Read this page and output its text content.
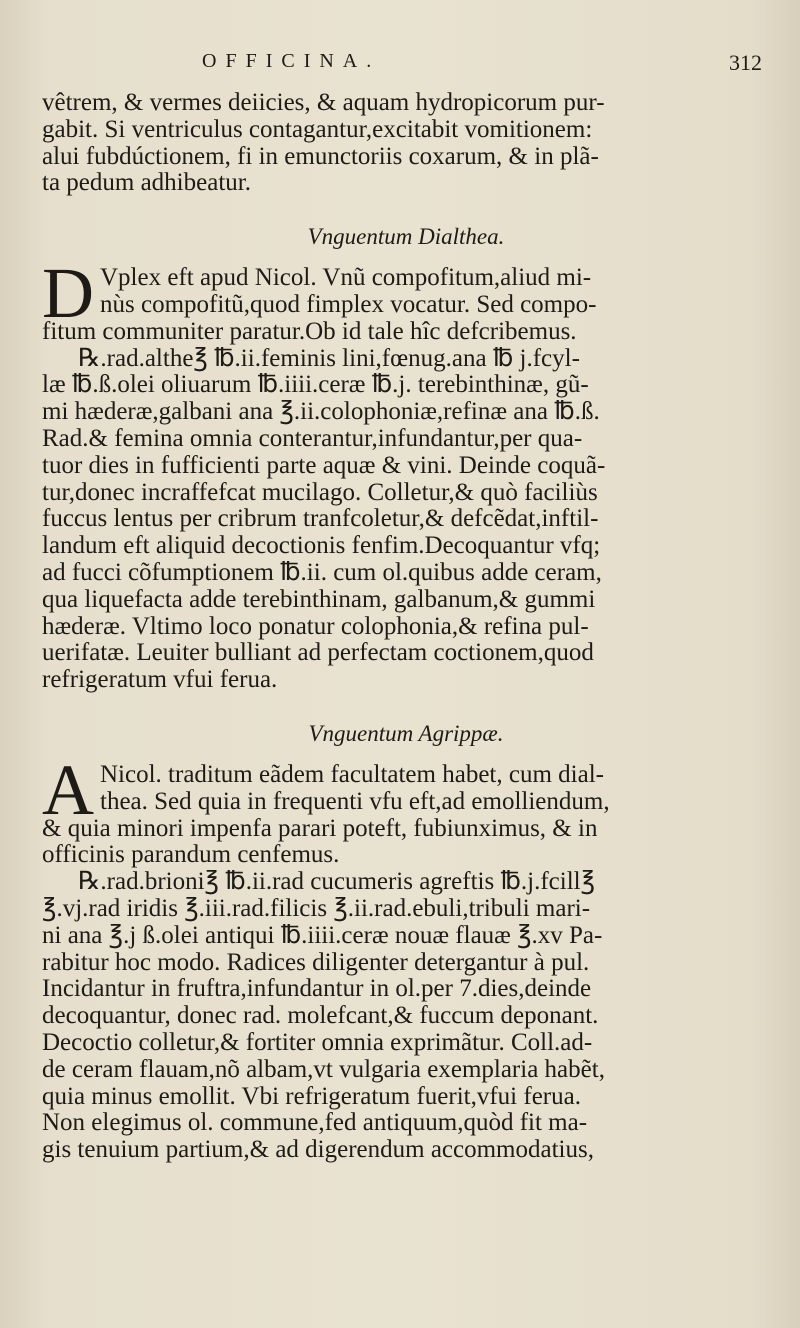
OFFICINA.	312

vêtrem, & vermes deiicies, & aquam hydropicorum pur-

gabit. Si ventriculus contagantur,excitabit vomitionem:

alui fubdúctionem, fi in emunctoriis coxarum, & in plã-

ta pedum adhibeatur.

Vnguentum Dialthea.
D Vplex eft apud Nicol. Vnũ compofitum,aliud mi-

nùs compofitũ,quod fimplex vocatur. Sed compo-

fitum communiter paratur.Ob id tale hîc defcribemus.

℞.rad.althe℥ ℔.ii.feminis lini,fœnug.ana ℔ j.fcyl-

læ ℔.ß.olei oliuarum ℔.iiii.ceræ ℔.j. terebinthinæ, gũ-

mi hæderæ,galbani ana ℥.ii.colophoniæ,refinæ ana ℔.ß.

Rad.& femina omnia conterantur,infundantur,per qua-

tuor dies in fufficienti parte aquæ & vini. Deinde coquã-

tur,donec incraffefcat mucilago. Colletur,& quò faciliùs

fuccus lentus per cribrum tranfcoletur,& defcẽdat,inftil-

landum eft aliquid decoctionis fenfim.Decoquantur vfq;

ad fucci cõfumptionem ℔.ii. cum ol.quibus adde ceram,

qua liquefacta adde terebinthinam, galbanum,& gummi

hæderæ. Vltimo loco ponatur colophonia,& refina pul-

uerifatæ. Leuiter bulliant ad perfectam coctionem,quod

refrigeratum vfui ferua.

Vnguentum Agrippæ.
A Nicol. traditum eãdem facultatem habet, cum dial-

thea. Sed quia in frequenti vfu eft,ad emolliendum,

& quia minori impenfa parari poteft, fubiunximus, & in

officinis parandum cenfemus.

℞.rad.brioni℥ ℔.ii.rad cucumeris agreftis ℔.j.fcill℥

℥.vj.rad iridis ℥.iii.rad.filicis ℥.ii.rad.ebuli,tribuli mari-

ni ana ℥.j ß.olei antiqui ℔.iiii.ceræ nouæ flauæ ℥.xv Pa-

rabitur hoc modo. Radices diligenter detergantur à pul.

Incidantur in fruftra,infundantur in ol.per 7.dies,deinde

decoquantur, donec rad. molefcant,& fuccum deponant.

Decoctio colletur,& fortiter omnia exprimãtur. Coll.ad-

de ceram flauam,nõ albam,vt vulgaria exemplaria habẽt,

quia minus emollit. Vbi refrigeratum fuerit,vfui ferua.

Non elegimus ol. commune,fed antiquum,quòd fit ma-

gis tenuium partium,& ad digerendum accommodatius,
